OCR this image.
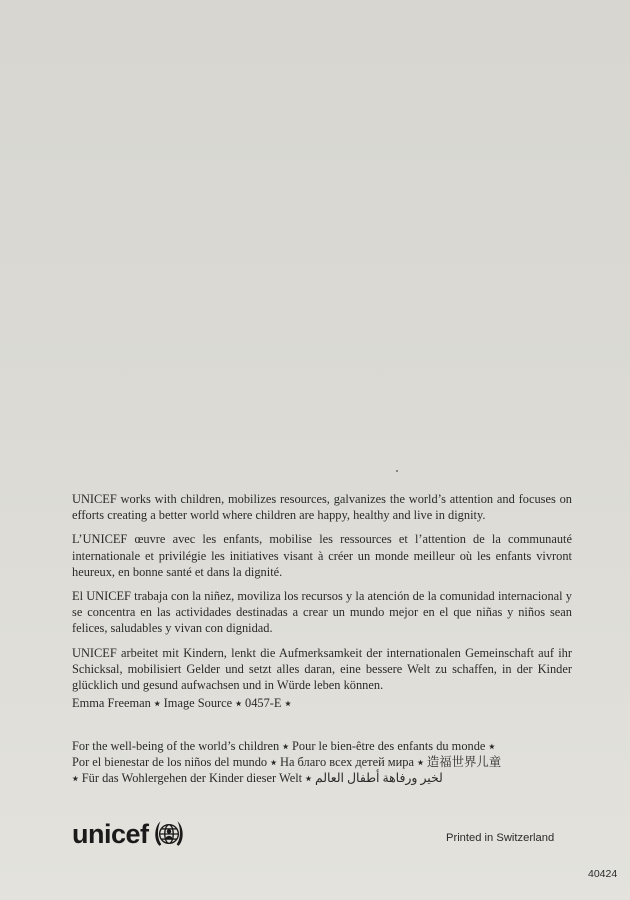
UNICEF works with children, mobilizes resources, galvanizes the world’s attention and focuses on efforts creating a better world where children are happy, healthy and live in dignity.

L’UNICEF œuvre avec les enfants, mobilise les ressources et l’attention de la communauté internationale et privilégie les initiatives visant à créer un monde meilleur où les enfants vivront heureux, en bonne santé et dans la dignité.

El UNICEF trabaja con la niñez, moviliza los recursos y la atención de la comunidad internacional y se concentra en las actividades destinadas a crear un mundo mejor en el que niñas y niños sean felices, saludables y vivan con dignidad.

UNICEF arbeitet mit Kindern, lenkt die Aufmerksamkeit der internationalen Gemeinschaft auf ihr Schicksal, mobilisiert Gelder und setzt alles daran, eine bessere Welt zu schaffen, in der Kinder glücklich und gesund aufwachsen und in Würde leben können.

Emma Freeman ⭑ Image Source ⭑ 0457-E ⭑
For the well-being of the world’s children ⭑ Pour le bien-être des enfants du monde ⭑
Por el bienestar de los niños del mundo ⭑ На благо всех детей мира ⭑ 造福世界儿童
⭑ Für das Wohlergehen der Kinder dieser Welt ⭑ لخير ورفاهة أطفال العالم
unicef	Printed in Switzerland
40424
